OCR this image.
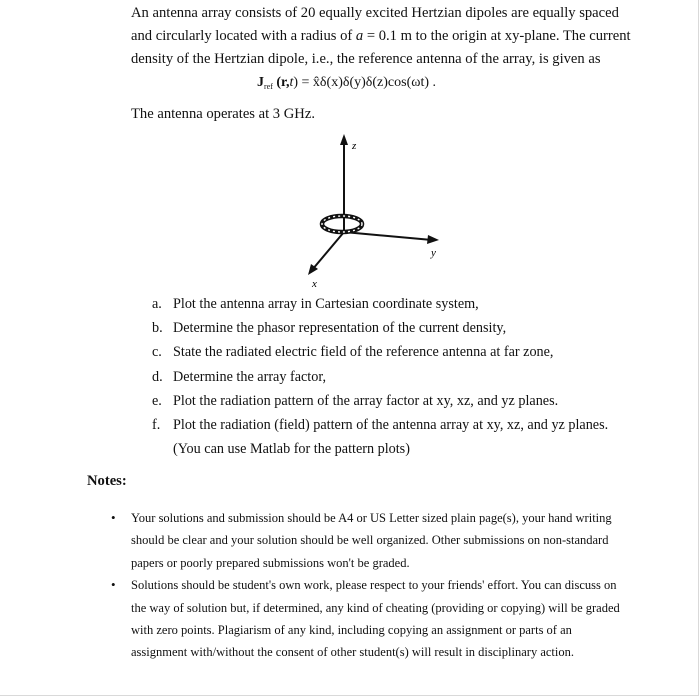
An antenna array consists of 20 equally excited Hertzian dipoles are equally spaced and circularly located with a radius of a = 0.1 m to the origin at xy-plane. The current density of the Hertzian dipole, i.e., the reference antenna of the array, is given as

$J_{ref}$ (r,t) = x̂δ(x)δ(y)δ(z)cos(ωt) .

The antenna operates at 3 GHz.

z
y
x
a. Plot the antenna array in Cartesian coordinate system,
b. Determine the phasor representation of the current density,
c. State the radiated electric field of the reference antenna at far zone,
d. Determine the array factor,
e. Plot the radiation pattern of the array factor at xy, xz, and yz planes.
f. Plot the radiation (field) pattern of the antenna array at xy, xz, and yz planes.
(You can use Matlab for the pattern plots)

Notes:

•	Your solutions and submission should be A4 or US Letter sized plain page(s), your hand writing should be clear and your solution should be well organized. Other submissions on non-standard papers or poorly prepared submissions won't be graded.
•	Solutions should be student's own work, please respect to your friends' effort. You can discuss on the way of solution but, if determined, any kind of cheating (providing or copying) will be graded with zero points. Plagiarism of any kind, including copying an assignment or parts of an assignment with/without the consent of other student(s) will result in disciplinary action.
